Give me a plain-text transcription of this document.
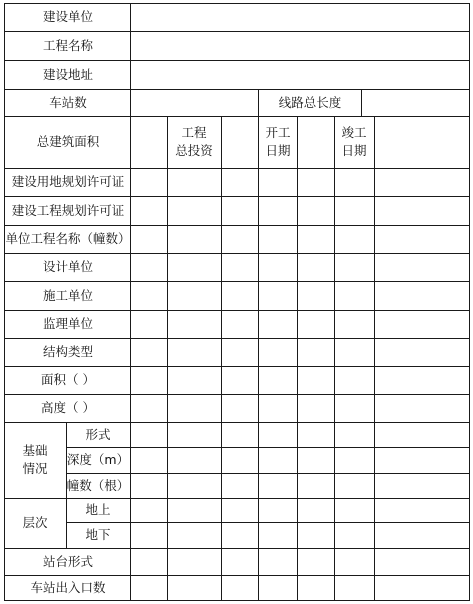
建设单位
工程名称
建设地址
车站数	线路总长度
总建筑面积
工程
总投资
开工
日期
竣工
日期
建设用地规划许可证
建设工程规划许可证
单位工程名称（幢数）
设计单位
施工单位
监理单位
结构类型
面积（ ）
高度（ ）
基础
情况
形式
深度（m）
幢数（根）
层次
地上
地下
站台形式
车站出入口数
